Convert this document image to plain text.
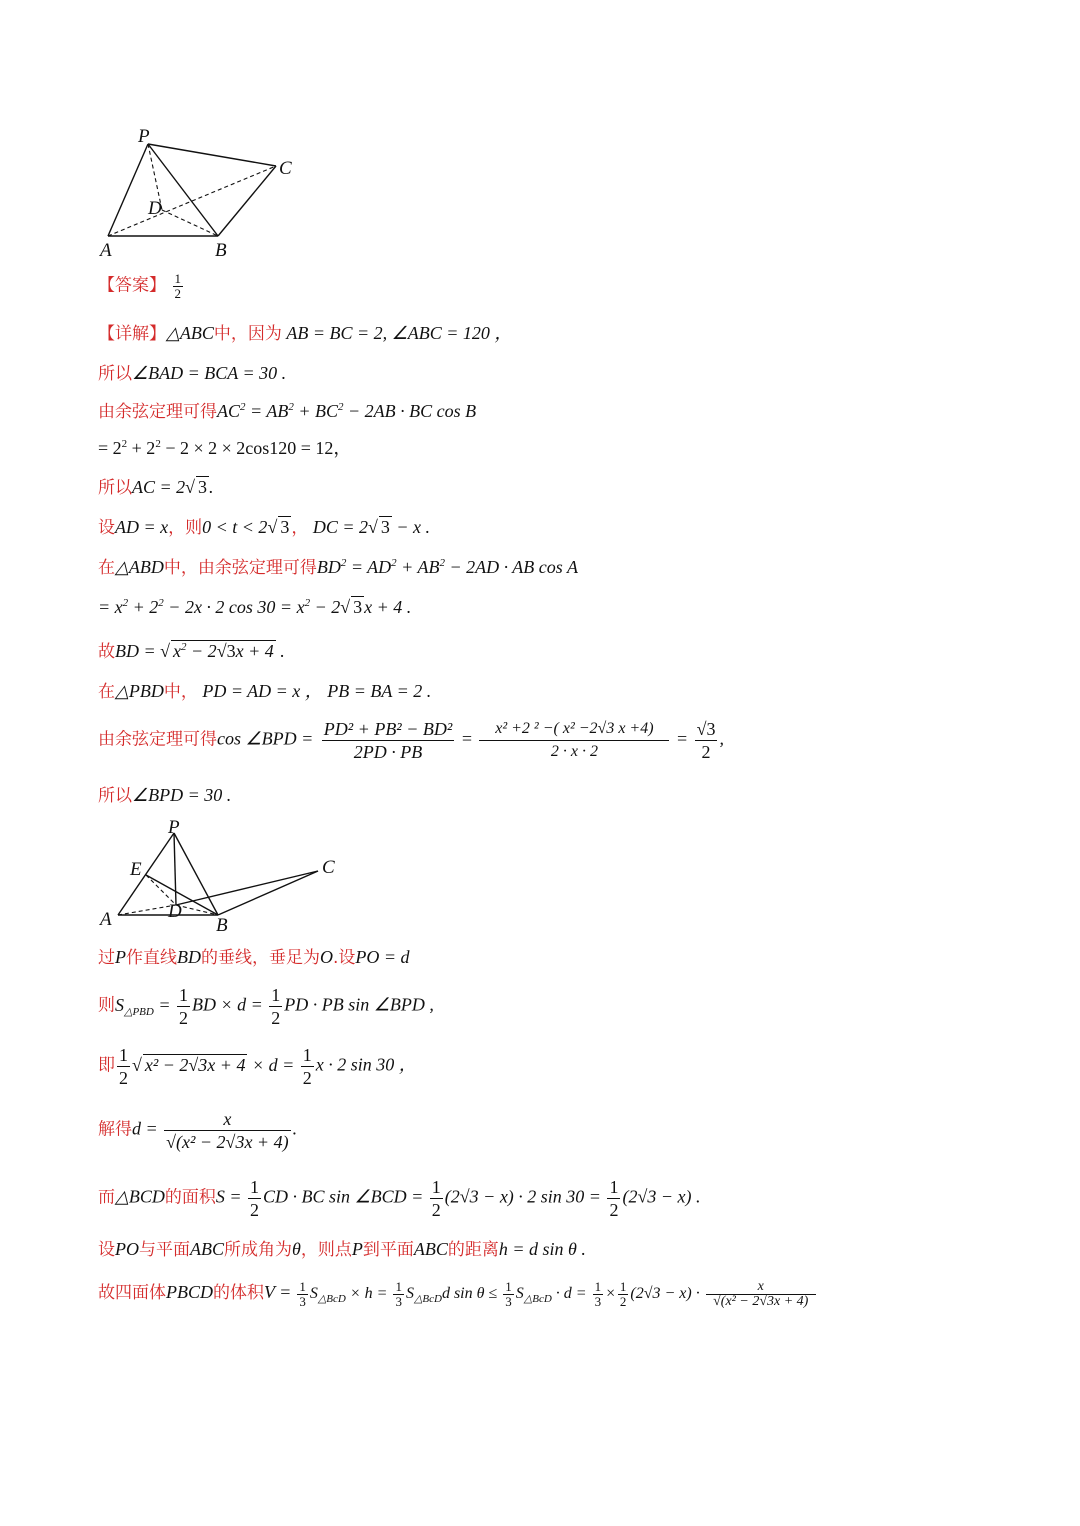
P
C
D
A	B
【答案】 $\frac{1}{2}$
【详解】△ABC中，因为 AB = BC = 2, ∠ABC = 120 ，
所以∠BAD = BCA = 30 .
由余弦定理可得$AC^2 = AB^2 + BC^2 - 2AB$ · BC cos B
= $2^2 + 2^2 - 2 \times 2 \times 2\cos 120 = 12$，
所以AC = 2√ 3 .
设AD = x，则0 < t < 2√ 3 ， DC = 2√ 3 − x .
在△ABD中，由余弦定理可得$BD^2 = AD^2 + AB^2 - 2AD$ · AB cos A
= $x^2 + 2^2 - 2x \cdot 2$ $\cos 30 = x^2 - 2√$ 3 x + 4 .
故BD = √ $x^2 - 2√3x + 4$ .
在△PBD中， PD = AD = x ， PB = BA = 2 .
由余弦定理可得cos ∠BPD = $\frac{\text{PD² + PB² − BD²}}{2PD \cdot PB} = \frac{\text{x² +2 ² −( x² −2√3 x +4)}}{2 \cdot x \cdot 2} = \frac{√3}{2}$ ,
所以∠BPD = 30 .
P
E	C
D
A	B
过P作直线BD的垂线，垂足为O.设PO = d
则$S_{\triangle PBD} = \frac{1}{2}$ BD × $d = \frac{1}{2}$ PD · PB sin ∠BPD ,
即 $\frac{1}{2}$ √ $x^2 - 2√3x + 4 \times d = \frac{1}{2}$ x · 2 sin 30 ，
解得$d = \frac{x}{\text{√(x² − 2√3x + 4)}}$ .
而△BCD的面积$S = \frac{1}{2}$ CD · BC sin ∠BCD = $\frac{1}{2} (2√3 - x) \cdot 2$ $\sin 30 = \frac{1}{2} (2√3 - x)$ .
设PO与平面ABC所成角为θ，则点P到平面ABC的距离h = d sin θ .
故四面体PBCD的体积$V = \frac{1}{3} S_{\triangle BcD} \times h = \frac{1}{3} S_{\triangle BcD}d$ $\sin \theta \le \frac{1}{3} S_{\triangle BcD} \cdot d = \frac{1}{3} \times \frac{1}{2} (2√3 - x) \cdot \frac{x}{\text{√(x² − 2√3x + 4)}}$
